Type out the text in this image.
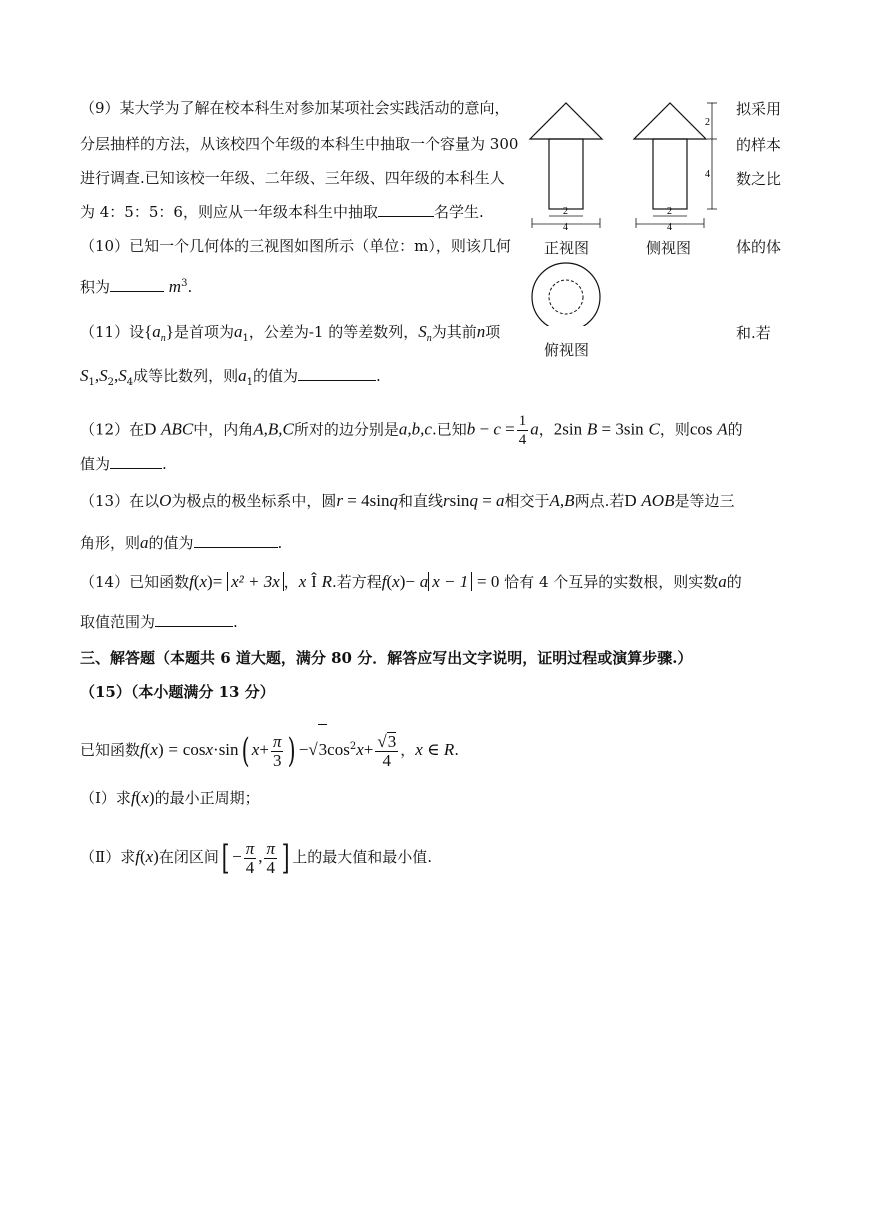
（9）某大学为了解在校本科生对参加某项社会实践活动的意向，	拟采用
分层抽样的方法，从该校四个年级的本科生中抽取一个容量为 300	的样本
进行调查.已知该校一年级、二年级、三年级、四年级的本科生人	数之比
为 4：5：5：6，则应从一年级本科生中抽取	名学生.
（10）已知一个几何体的三视图如图所示（单位：m），则该几何	体的体
积为	$m^3$.
2
4
2
4
2
4
正视图	侧视图
俯视图
（11）设$\{a_n\}$是首项为$a_1$，公差为-1 的等差数列，$S_n$为其前n项	和.若
$S_1,S_2,S_4$成等比数列，则$a_1$的值为	.
（12）在D ABC中，内角A,B,C所对的边分别是a,b,c.已知$b - c = \frac{1}{4}$ a，2sin B = 3sin C，则cos A的
值为	.
（13）在以O为极点的极坐标系中，圆r = 4sinq和直线rsinq = a相交于A,B两点.若D AOB是等边三
角形，则a的值为	.
（14）已知函数f(x)= x² + 3x ，x Î R.若方程f(x)− a x − 1 = 0 恰有 4 个互异的实数根，则实数a的
取值范围为	.
三、解答题（本题共 6 道大题，满分 80 分．解答应写出文字说明，证明过程或演算步骤.）
（15）（本小题满分 13 分）
已知函数f(x) = cosx·sin( $x+ \frac{\pi}{3}$ ) $-√3\cos^2x+ \frac{√3}{4}$ ，x ∈ R.
（Ⅰ）求f(x)的最小正周期；
（Ⅱ）求f(x)在闭区间[ − $\frac{\pi}{4}$ , $\frac{\pi}{4}$ ] 上的最大值和最小值.
